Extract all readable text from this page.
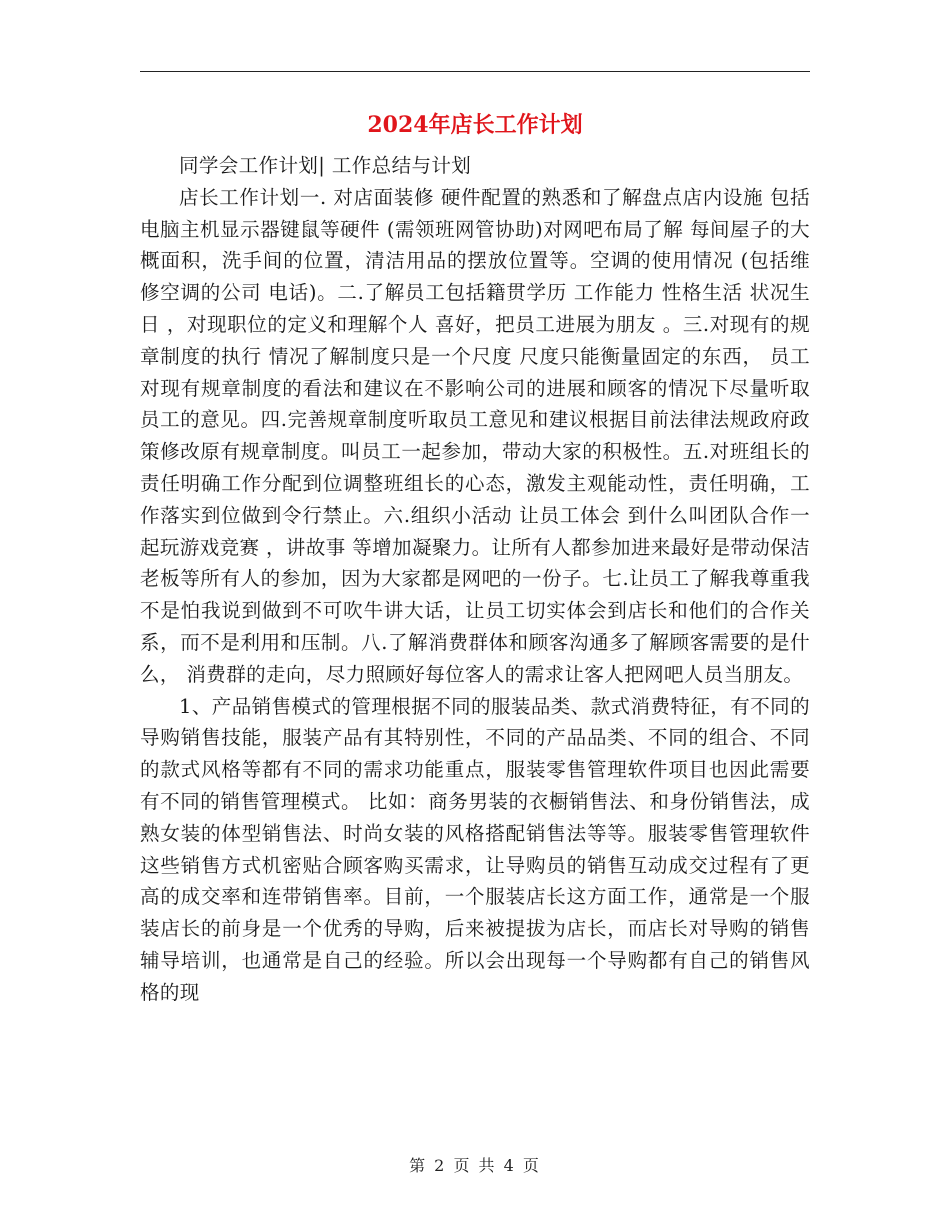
2024年店长工作计划

同学会工作计划| 工作总结与计划

店长工作计划一. 对店面装修 硬件配置的熟悉和了解盘点店内设施 包括电脑主机显示器键鼠等硬件 (需领班网管协助)对网吧布局了解 每间屋子的大概面积，洗手间的位置，清洁用品的摆放位置等。空调的使用情况 (包括维修空调的公司 电话)。二.了解员工包括籍贯学历 工作能力 性格生活 状况生日 ，对现职位的定义和理解个人 喜好，把员工进展为朋友 。三.对现有的规章制度的执行 情况了解制度只是一个尺度 尺度只能衡量固定的东西， 员工对现有规章制度的看法和建议在不影响公司的进展和顾客的情况下尽量听取员工的意见。四.完善规章制度听取员工意见和建议根据目前法律法规政府政策修改原有规章制度。叫员工一起参加，带动大家的积极性。五.对班组长的责任明确工作分配到位调整班组长的心态，激发主观能动性，责任明确，工作落实到位做到令行禁止。六.组织小活动 让员工体会 到什么叫团队合作一起玩游戏竞赛 ，讲故事 等增加凝聚力。让所有人都参加进来最好是带动保洁老板等所有人的参加，因为大家都是网吧的一份子。七.让员工了解我尊重我不是怕我说到做到不可吹牛讲大话，让员工切实体会到店长和他们的合作关系，而不是利用和压制。八.了解消费群体和顾客沟通多了解顾客需要的是什么， 消费群的走向，尽力照顾好每位客人的需求让客人把网吧人员当朋友。

1、产品销售模式的管理根据不同的服装品类、款式消费特征，有不同的导购销售技能，服装产品有其特别性，不同的产品品类、不同的组合、不同的款式风格等都有不同的需求功能重点，服装零售管理软件项目也因此需要有不同的销售管理模式。 比如：商务男装的衣橱销售法、和身份销售法，成熟女装的体型销售法、时尚女装的风格搭配销售法等等。服装零售管理软件这些销售方式机密贴合顾客购买需求，让导购员的销售互动成交过程有了更高的成交率和连带销售率。目前，一个服装店长这方面工作，通常是一个服装店长的前身是一个优秀的导购，后来被提拔为店长，而店长对导购的销售辅导培训，也通常是自己的经验。所以会出现每一个导购都有自己的销售风格的现

第 2 页 共 4 页
